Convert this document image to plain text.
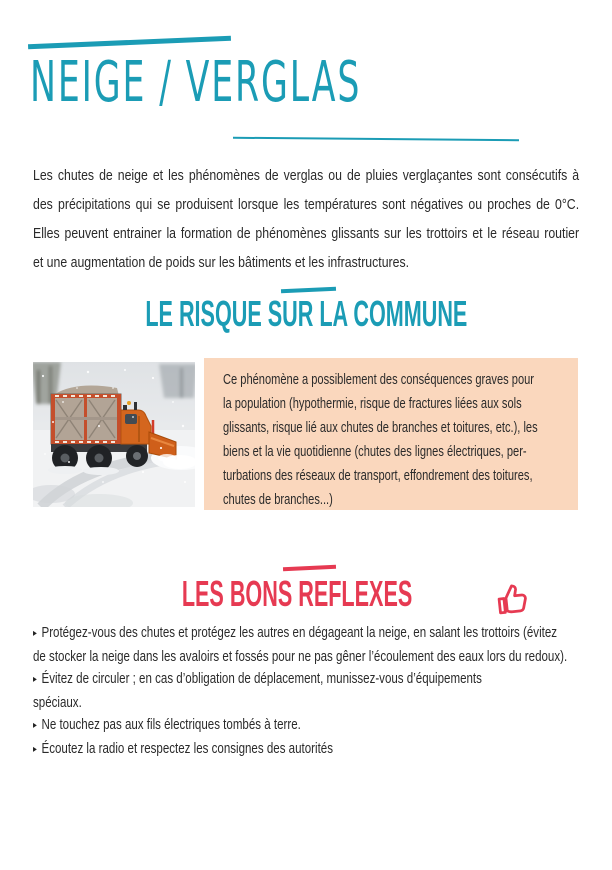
NEIGE / VERGLAS
Les chutes de neige et les phénomènes de verglas ou de pluies verglaçantes sont consécutifs à
des précipitations qui se produisent lorsque les températures sont négatives ou proches de 0°C.
Elles peuvent entrainer la formation de phénomènes glissants sur les trottoirs et le réseau routier
et une augmentation de poids sur les bâtiments et les infrastructures.
LE RISQUE SUR LA COMMUNE
Ce phénomène a possiblement des conséquences graves pour
la population (hypothermie, risque de fractures liées aux sols
glissants, risque lié aux chutes de branches et toitures, etc.), les
biens et la vie quotidienne (chutes des lignes électriques, per-
turbations des réseaux de transport, effondrement des toitures,
chutes de branches...)
LES BONS REFLEXES
▸ Protégez-vous des chutes et protégez les autres en dégageant la neige, en salant les trottoirs (évitez
de stocker la neige dans les avaloirs et fossés pour ne pas gêner l’écoulement des eaux lors du redoux).
▸ Évitez de circuler ; en cas d’obligation de déplacement, munissez-vous d’équipements
spéciaux.
▸ Ne touchez pas aux fils électriques tombés à terre.
▸ Écoutez la radio et respectez les consignes des autorités
